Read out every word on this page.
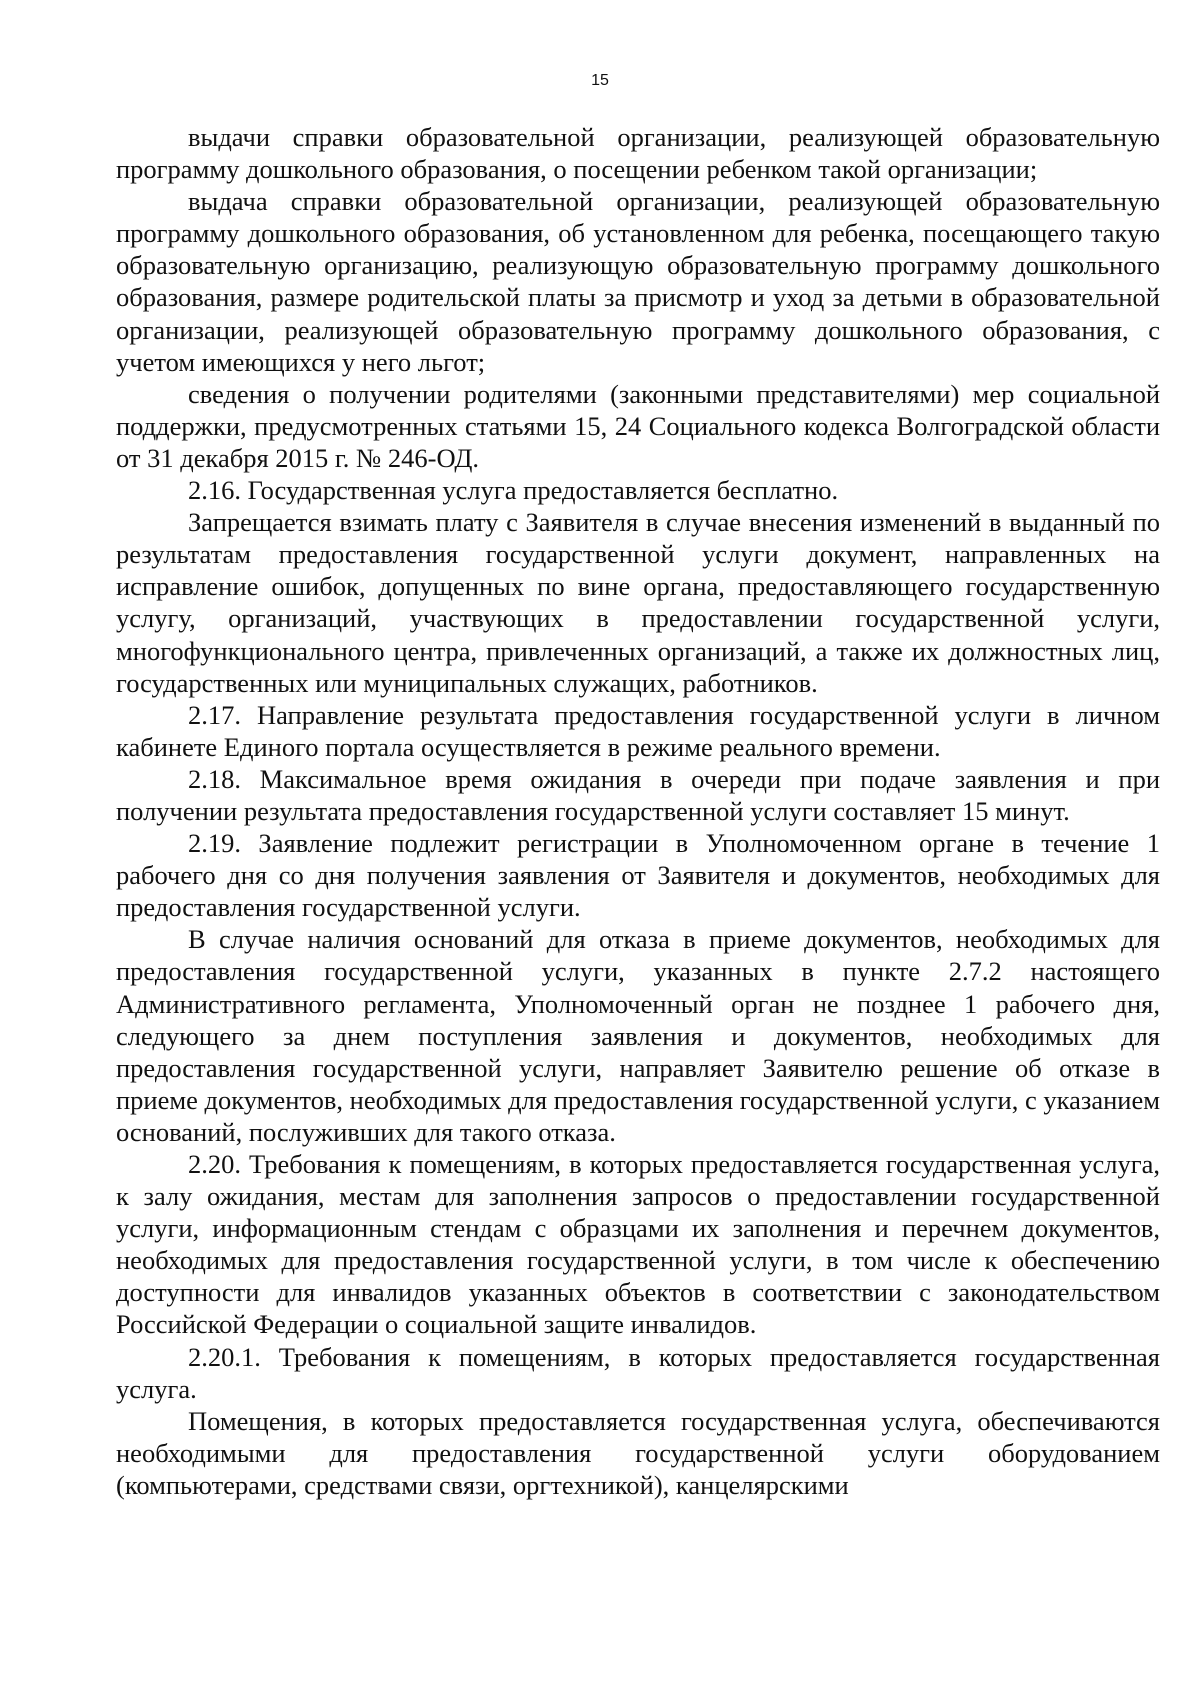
15

выдачи справки образовательной организации, реализующей образовательную программу дошкольного образования, о посещении ребенком такой организации;

выдача справки образовательной организации, реализующей образовательную программу дошкольного образования, об установленном для ребенка, посещающего такую образовательную организацию, реализующую образовательную программу дошкольного образования, размере родительской платы за присмотр и уход за детьми в образовательной организации, реализующей образовательную программу дошкольного образования, с учетом имеющихся у него льгот;

сведения о получении родителями (законными представителями) мер социальной поддержки, предусмотренных статьями 15, 24 Социального кодекса Волгоградской области от 31 декабря 2015 г. № 246-ОД.

2.16. Государственная услуга предоставляется бесплатно.

Запрещается взимать плату с Заявителя в случае внесения изменений в выданный по результатам предоставления государственной услуги документ, направленных на исправление ошибок, допущенных по вине органа, предоставляющего государственную услугу, организаций, участвующих в предоставлении государственной услуги, многофункционального центра, привлеченных организаций, а также их должностных лиц, государственных или муниципальных служащих, работников.

2.17. Направление результата предоставления государственной услуги в личном кабинете Единого портала осуществляется в режиме реального времени.

2.18. Максимальное время ожидания в очереди при подаче заявления и при получении результата предоставления государственной услуги составляет 15 минут.

2.19. Заявление подлежит регистрации в Уполномоченном органе в течение 1 рабочего дня со дня получения заявления от Заявителя и документов, необходимых для предоставления государственной услуги.

В случае наличия оснований для отказа в приеме документов, необходимых для предоставления государственной услуги, указанных в пункте 2.7.2 настоящего Административного регламента, Уполномоченный орган не позднее 1 рабочего дня, следующего за днем поступления заявления и документов, необходимых для предоставления государственной услуги, направляет Заявителю решение об отказе в приеме документов, необходимых для предоставления государственной услуги, с указанием оснований, послуживших для такого отказа.

2.20. Требования к помещениям, в которых предоставляется государственная услуга, к залу ожидания, местам для заполнения запросов о предоставлении государственной услуги, информационным стендам с образцами их заполнения и перечнем документов, необходимых для предоставления государственной услуги, в том числе к обеспечению доступности для инвалидов указанных объектов в соответствии с законодательством Российской Федерации о социальной защите инвалидов.

2.20.1. Требования к помещениям, в которых предоставляется государственная услуга.

Помещения, в которых предоставляется государственная услуга, обеспечиваются необходимыми для предоставления государственной услуги оборудованием (компьютерами, средствами связи, оргтехникой), канцелярскими
